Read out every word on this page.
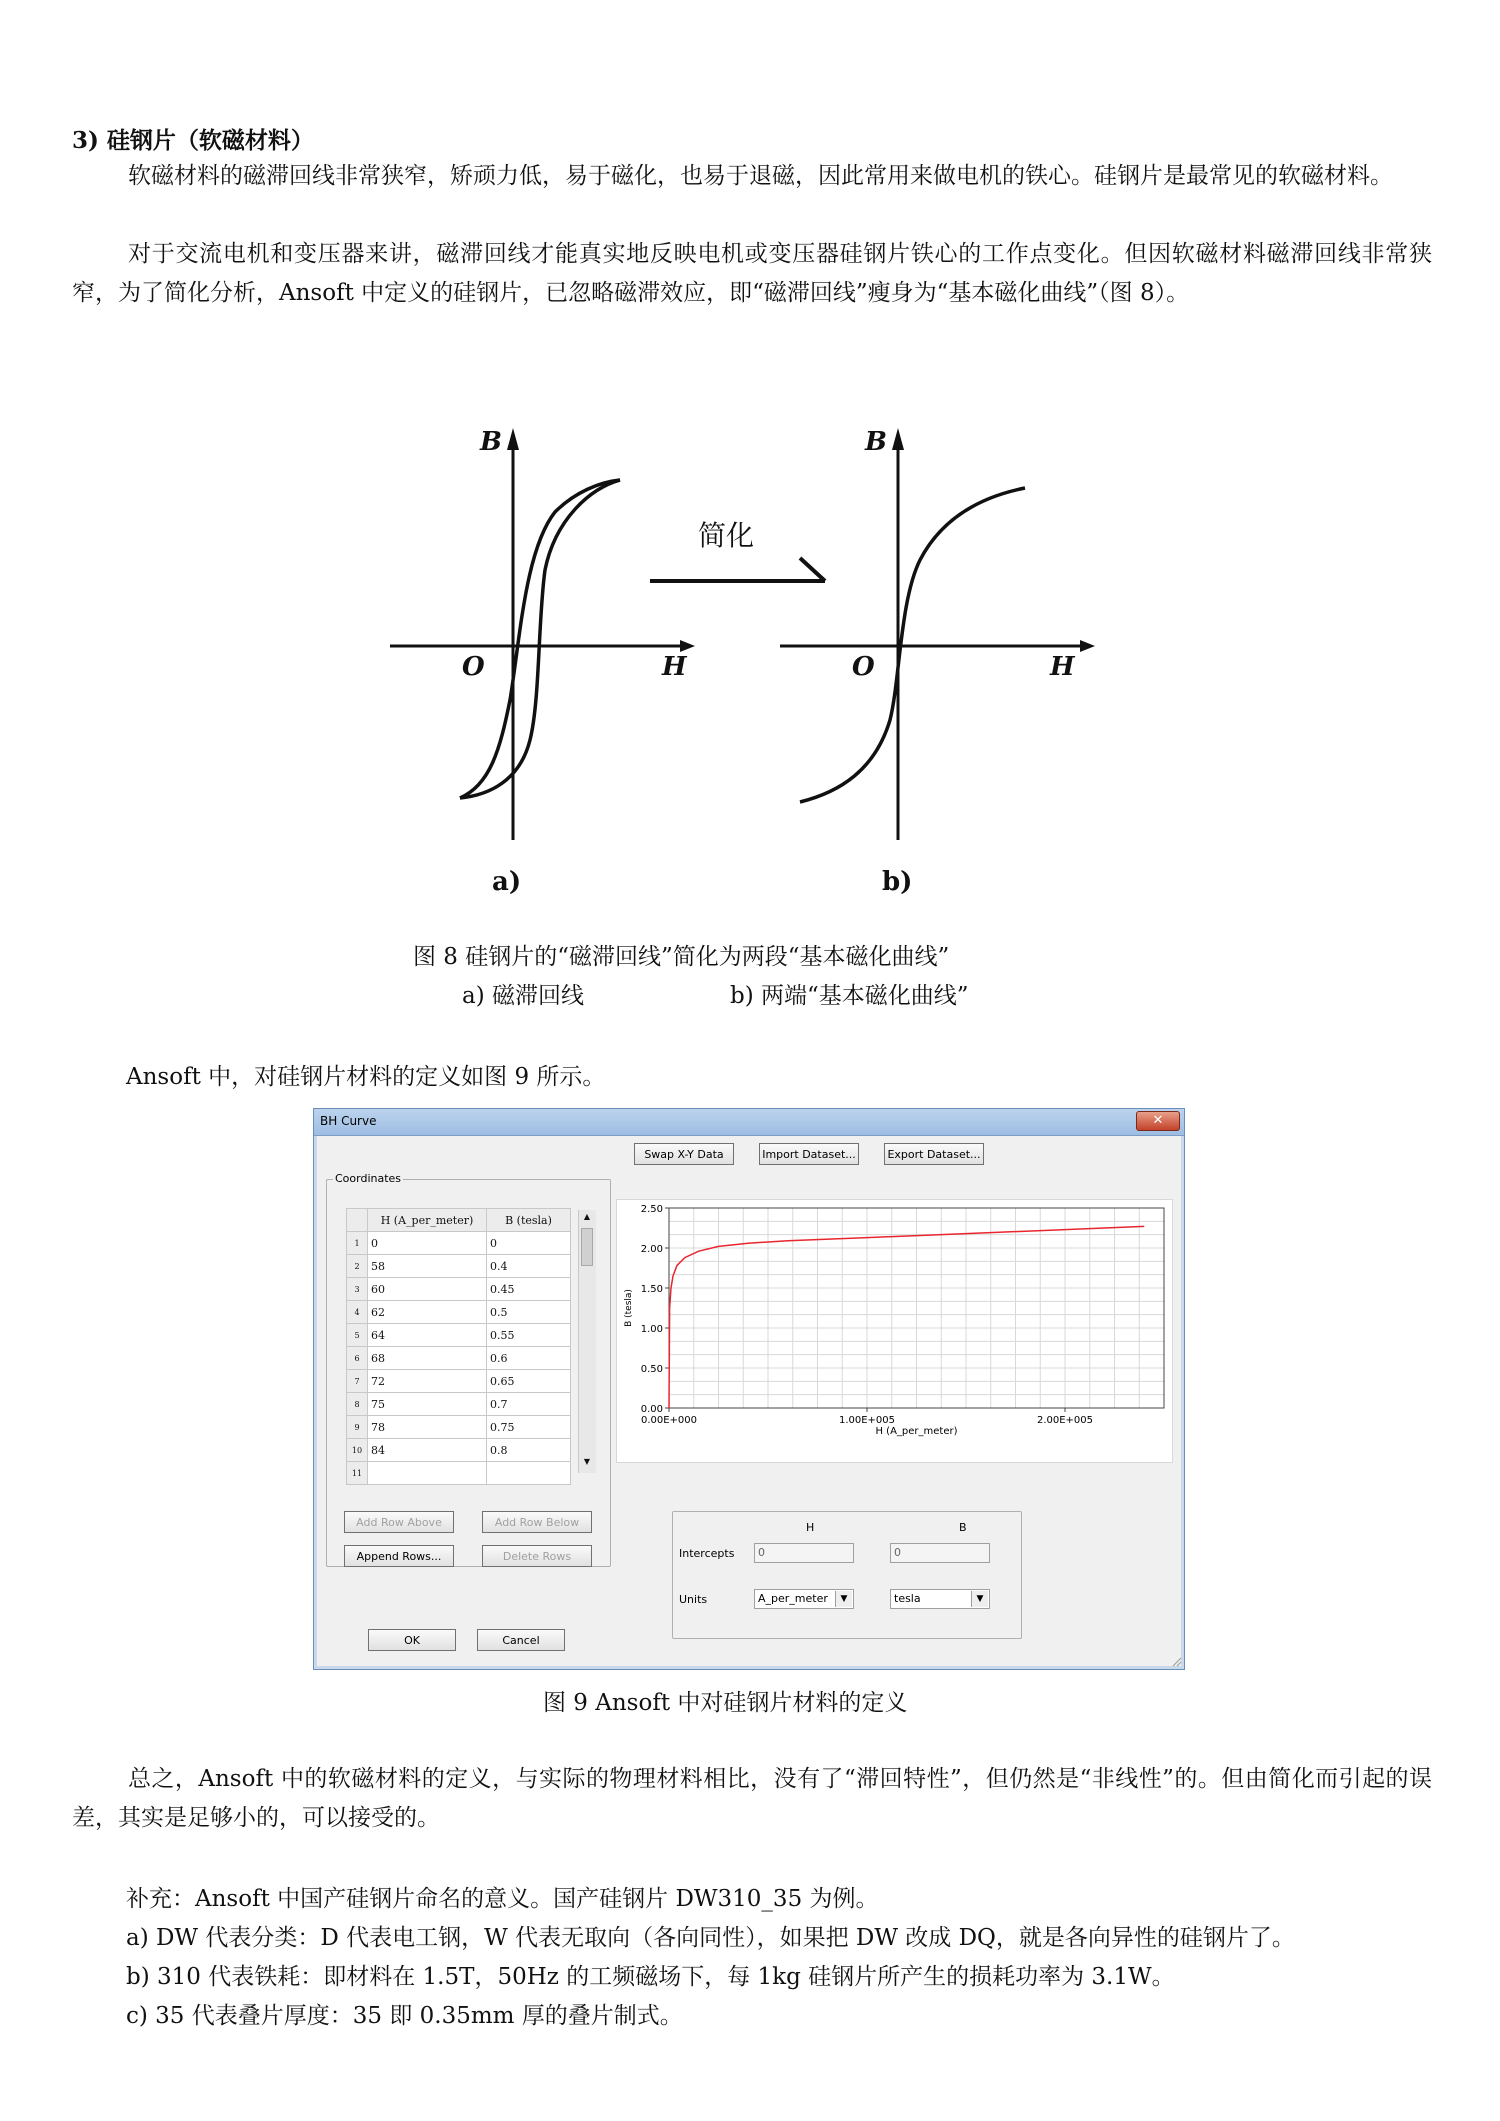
3) 硅钢片（软磁材料）
软磁材料的磁滞回线非常狭窄，矫顽力低，易于磁化，也易于退磁，因此常用来做电机的铁心。硅钢片是最常见的软磁材料。
对于交流电机和变压器来讲，磁滞回线才能真实地反映电机或变压器硅钢片铁心的工作点变化。但因软磁材料磁滞回线非常狭窄，为了简化分析，Ansoft 中定义的硅钢片，已忽略磁滞效应，即“磁滞回线”瘦身为“基本磁化曲线”（图 8）。
B
O	H
B
O	H
简化
a)	b)
图 8 硅钢片的“磁滞回线”简化为两段“基本磁化曲线”
a) 磁滞回线	b) 两端“基本磁化曲线”
Ansoft 中，对硅钢片材料的定义如图 9 所示。
BH Curve	✕
Swap X-Y Data	Import Dataset...	Export Dataset...
Coordinates
Add Row Above	Add Row Below
Append Rows...	Delete Rows
OK	Cancel
0.00
0.50
1.00
1.50
2.00
2.50
0.00E+000	1.00E+005	2.00E+005
H (A_per_meter)
B (tesla)
H	B
Intercepts	0	0
Units	A_per_meter	▼	tesla	▼
	H (A_per_meter)	B (tesla)
1	0	0
2	58	0.4
3	60	0.45
4	62	0.5
5	64	0.55
6	68	0.6
7	72	0.65
8	75	0.7
9	78	0.75
10	84	0.8
11		
▲
▼
图 9 Ansoft 中对硅钢片材料的定义
总之，Ansoft 中的软磁材料的定义，与实际的物理材料相比，没有了“滞回特性”，但仍然是“非线性”的。但由简化而引起的误差，其实是足够小的，可以接受的。
补充：Ansoft 中国产硅钢片命名的意义。国产硅钢片 DW310_35 为例。
a) DW 代表分类：D 代表电工钢，W 代表无取向（各向同性），如果把 DW 改成 DQ，就是各向异性的硅钢片了。
b) 310 代表铁耗：即材料在 1.5T，50Hz 的工频磁场下，每 1kg 硅钢片所产生的损耗功率为 3.1W。
c) 35 代表叠片厚度：35 即 0.35mm 厚的叠片制式。
